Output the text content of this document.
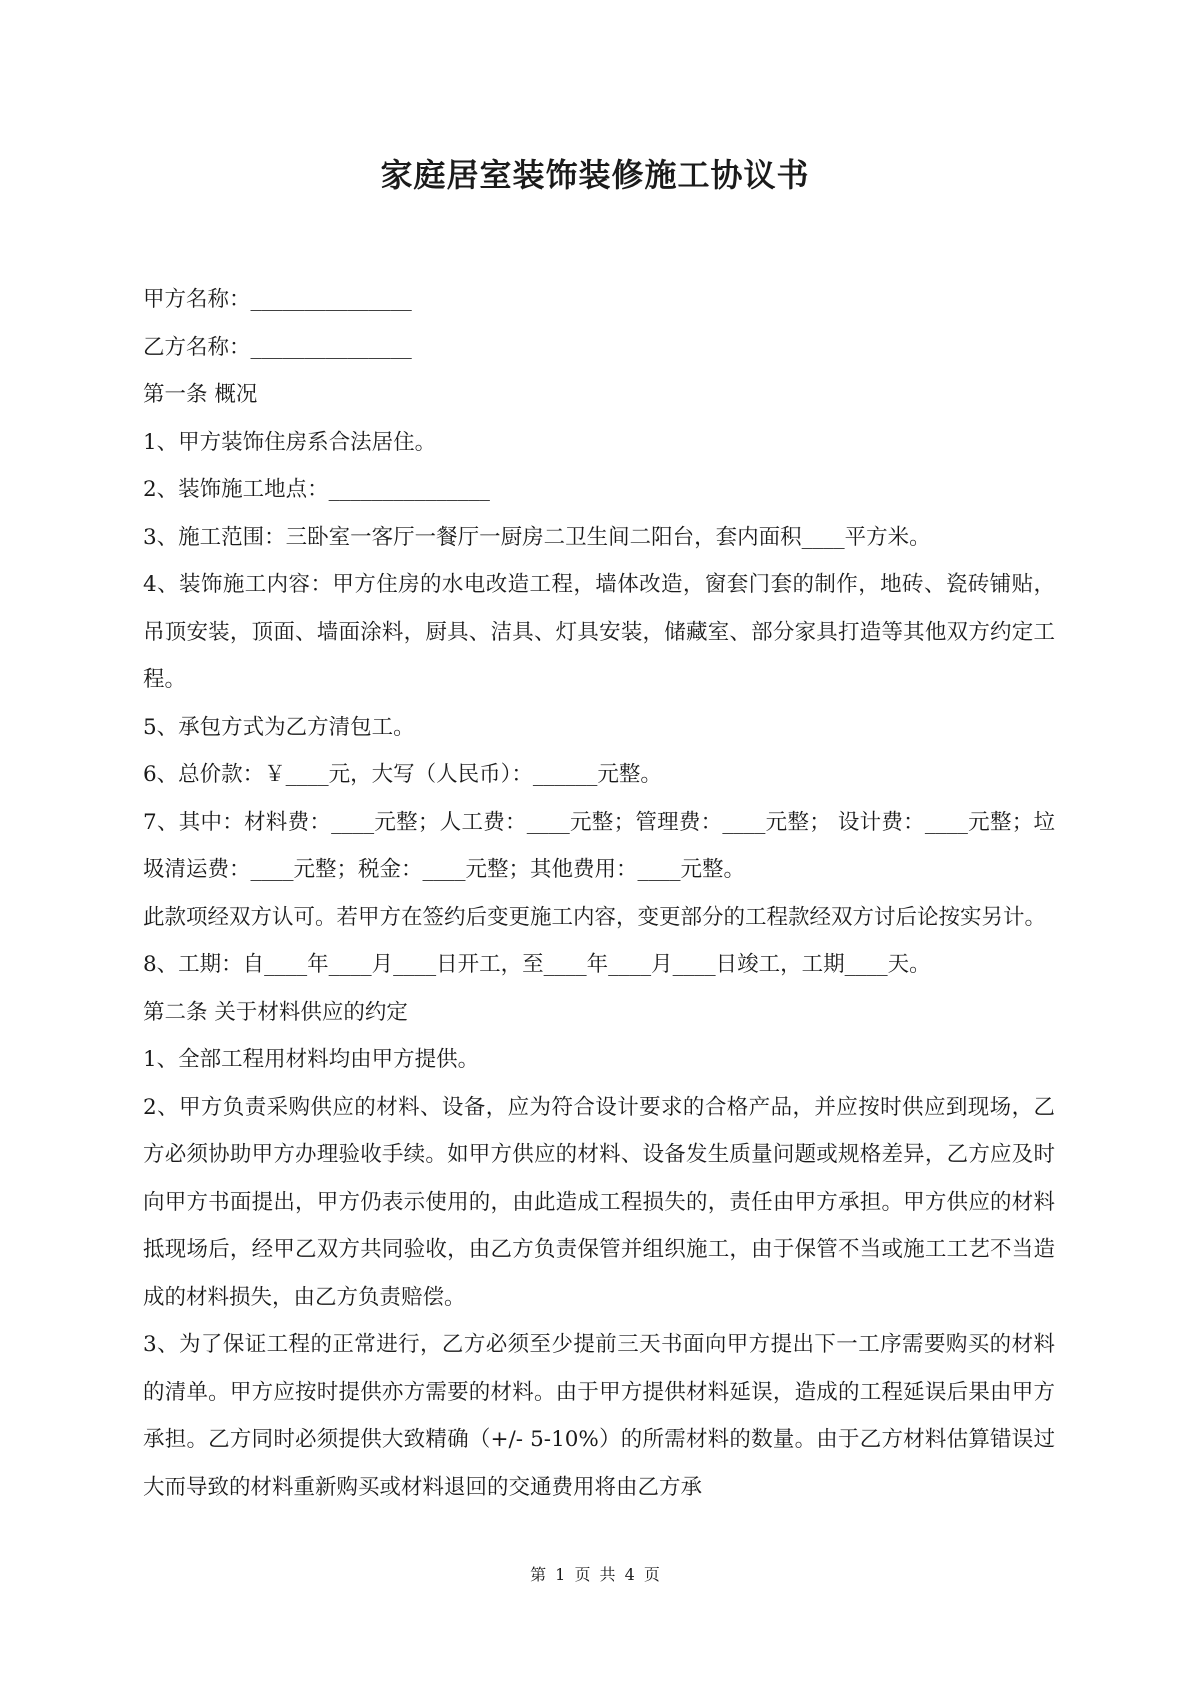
家庭居室装饰装修施工协议书
甲方名称：_______________
乙方名称：_______________
第一条 概况
1、甲方装饰住房系合法居住。
2、装饰施工地点：_______________
3、施工范围：三卧室一客厅一餐厅一厨房二卫生间二阳台，套内面积____平方米。
4、装饰施工内容：甲方住房的水电改造工程，墙体改造，窗套门套的制作，地砖、瓷砖铺贴，吊顶安装，顶面、墙面涂料，厨具、洁具、灯具安装，储藏室、部分家具打造等其他双方约定工程。
5、承包方式为乙方清包工。
6、总价款：￥____元，大写（人民币）：______元整。
7、其中：材料费：____元整；人工费：____元整；管理费：____元整； 设计费：____元整；垃圾清运费：____元整；税金：____元整；其他费用：____元整。
此款项经双方认可。若甲方在签约后变更施工内容，变更部分的工程款经双方讨后论按实另计。
8、工期：自____年____月____日开工，至____年____月____日竣工，工期____天。
第二条 关于材料供应的约定
1、全部工程用材料均由甲方提供。
2、甲方负责采购供应的材料、设备，应为符合设计要求的合格产品，并应按时供应到现场，乙方必须协助甲方办理验收手续。如甲方供应的材料、设备发生质量问题或规格差异，乙方应及时向甲方书面提出，甲方仍表示使用的，由此造成工程损失的，责任由甲方承担。甲方供应的材料抵现场后，经甲乙双方共同验收，由乙方负责保管并组织施工，由于保管不当或施工工艺不当造成的材料损失，由乙方负责赔偿。
3、为了保证工程的正常进行，乙方必须至少提前三天书面向甲方提出下一工序需要购买的材料的清单。甲方应按时提供亦方需要的材料。由于甲方提供材料延误，造成的工程延误后果由甲方承担。乙方同时必须提供大致精确（+/- 5-10%）的所需材料的数量。由于乙方材料估算错误过大而导致的材料重新购买或材料退回的交通费用将由乙方承
第 1 页 共 4 页
